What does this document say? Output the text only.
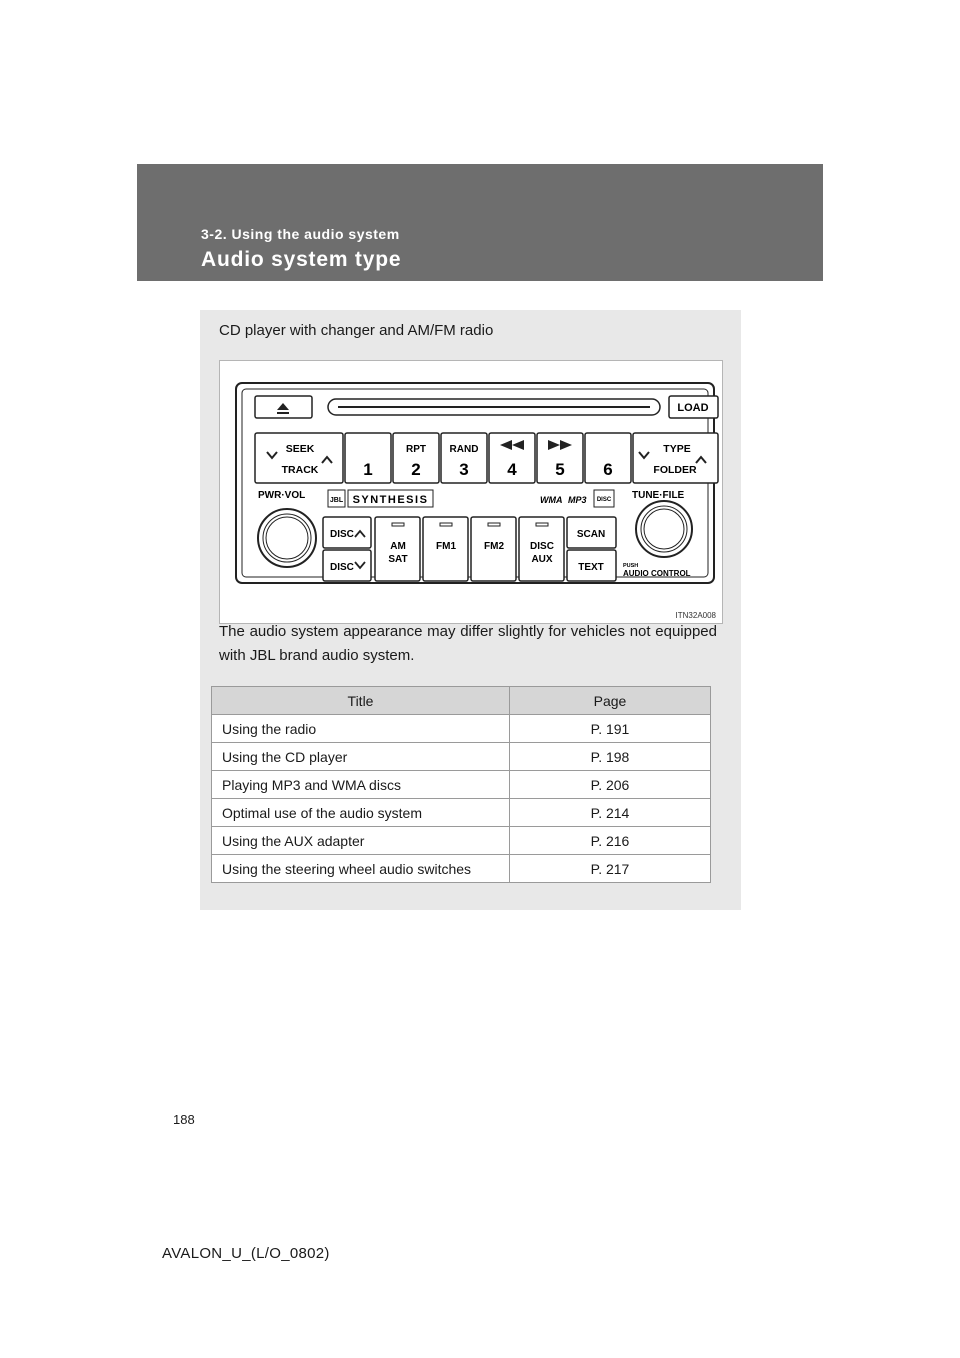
3-2. Using the audio system
Audio system type
CD player with changer and AM/FM radio
LOAD
SEEK
TRACK	1
RPT
2
RAND
3 4 5 6
TYPE
FOLDER
PWR·VOL	JBL SYNTHESIS	WMA MP3 DISC TUNE·FILE
PUSH
AUDIO CONTROL
DISC
DISC
AM
SAT
FM1	FM2	DISC
AUX
SCAN
TEXT
ITN32A008
The audio system appearance may differ slightly for vehicles not equipped with JBL brand audio system.
Title	Page
Using the radio	P. 191
Using the CD player	P. 198
Playing MP3 and WMA discs	P. 206
Optimal use of the audio system	P. 214
Using the AUX adapter	P. 216
Using the steering wheel audio switches	P. 217
188
AVALON_U_(L/O_0802)
